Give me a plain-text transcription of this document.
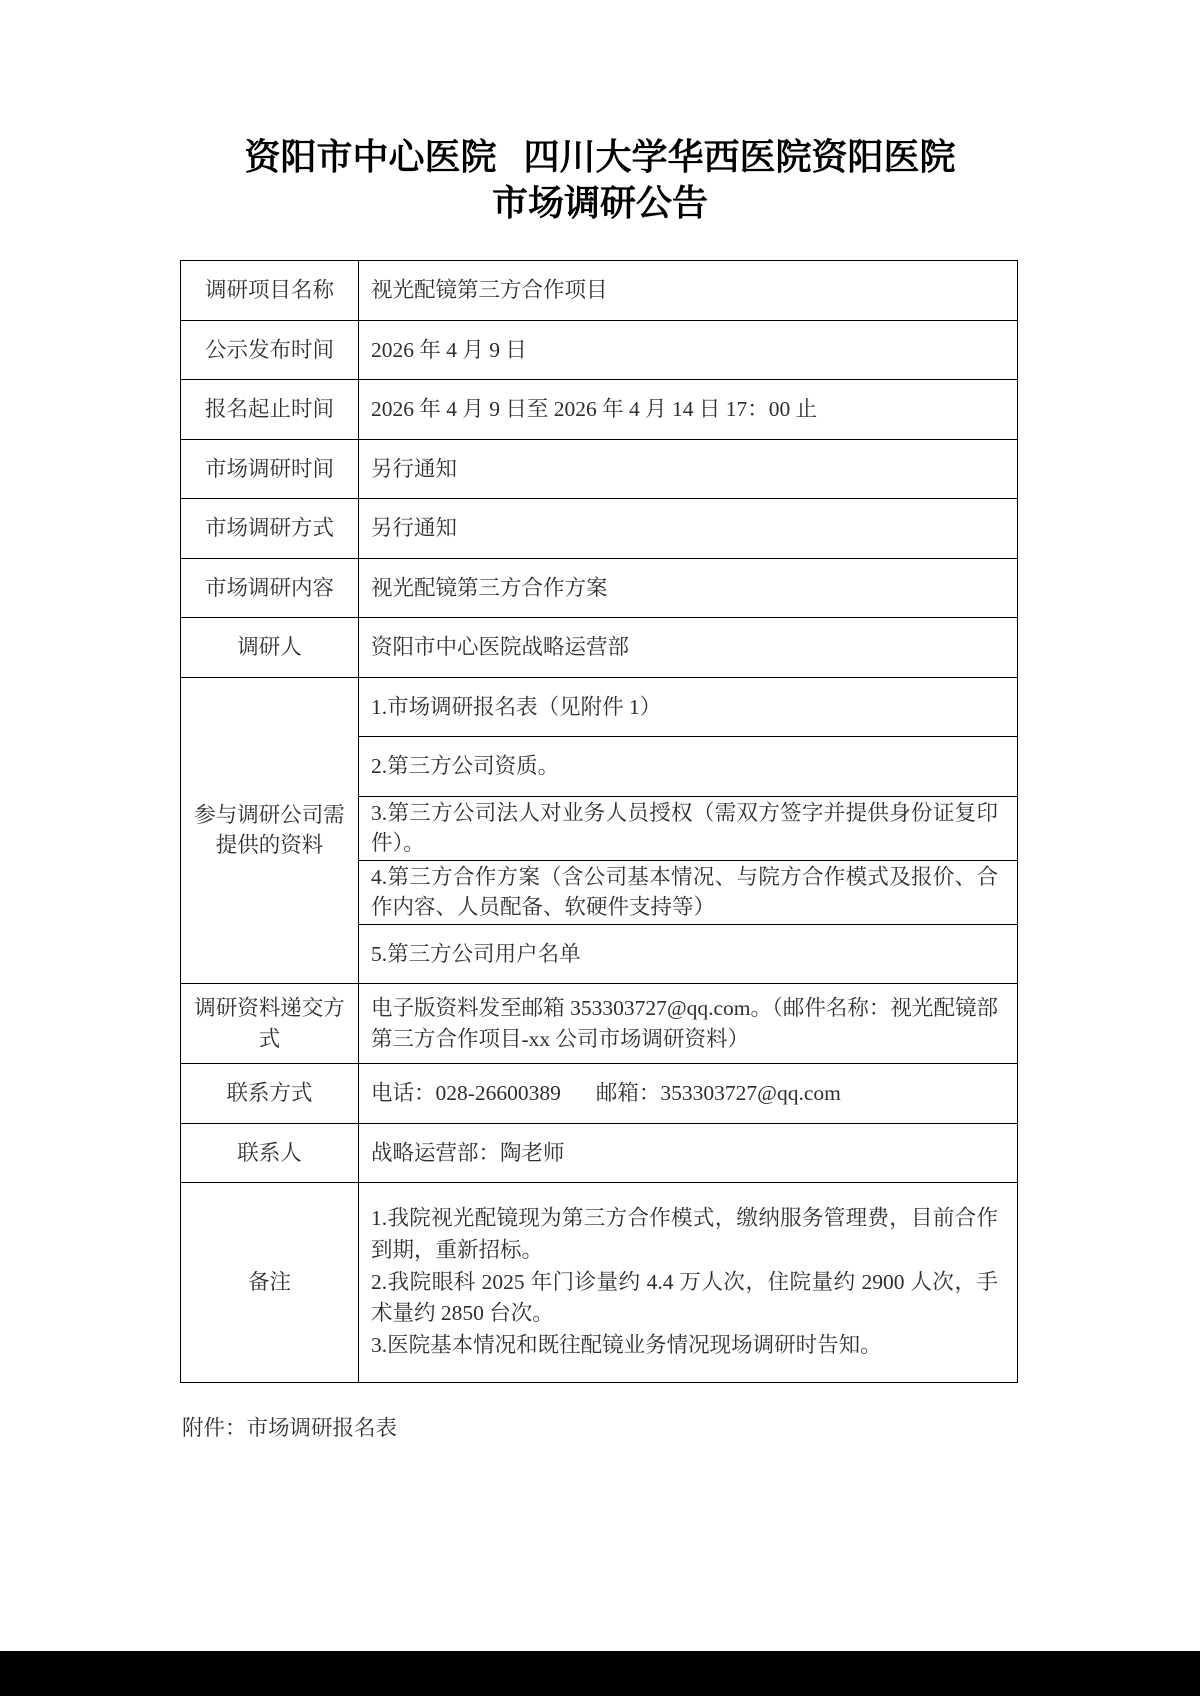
资阳市中心医院 四川大学华西医院资阳医院
市场调研公告
调研项目名称	视光配镜第三方合作项目
公示发布时间	2026 年 4 月 9 日
报名起止时间	2026 年 4 月 9 日至 2026 年 4 月 14 日 17：00 止
市场调研时间	另行通知
市场调研方式	另行通知
市场调研内容	视光配镜第三方合作方案
调研人	资阳市中心医院战略运营部
参与调研公司需提供的资料	1.市场调研报名表（见附件 1）
	2.第三方公司资质。
	3.第三方公司法人对业务人员授权（需双方签字并提供身份证复印件）。
	4.第三方合作方案（含公司基本情况、与院方合作模式及报价、合作内容、人员配备、软硬件支持等）
	5.第三方公司用户名单
调研资料递交方式	电子版资料发至邮箱 353303727@qq.com。（邮件名称：视光配镜部第三方合作项目-xx 公司市场调研资料）
联系方式	电话：028-26600389 邮箱：353303727@qq.com
联系人	战略运营部：陶老师
备注	1.我院视光配镜现为第三方合作模式，缴纳服务管理费，目前合作到期，重新招标。
2.我院眼科 2025 年门诊量约 4.4 万人次，住院量约 2900 人次，手术量约 2850 台次。
3.医院基本情况和既往配镜业务情况现场调研时告知。
附件：市场调研报名表
